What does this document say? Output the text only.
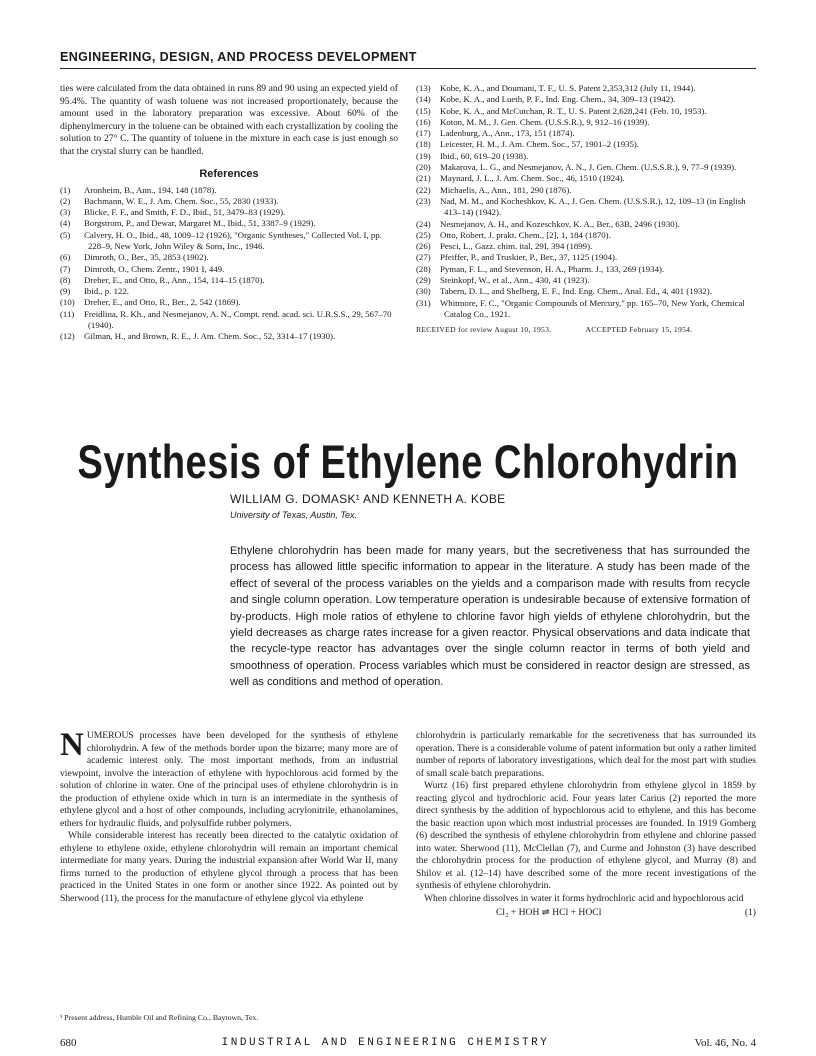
ENGINEERING, DESIGN, AND PROCESS DEVELOPMENT

ties were calculated from the data obtained in runs 89 and 90 using an expected yield of 95.4%. The quantity of wash toluene was not increased proportionately, because the amount used in the laboratory preparation was excessive. About 60% of the diphenylmercury in the toluene can be obtained with each crystallization by cooling the solution to 27° C. The quantity of toluene in the mixture in each case is just enough so that the crystal slurry can be handled.

References
(1) Aronheim, B., Ann., 194, 148 (1878).
(2) Bachmann, W. E., J. Am. Chem. Soc., 55, 2830 (1933).
(3) Blicke, F. F., and Smith, F. D., Ibid., 51, 3479–83 (1929).
(4) Borgstrom, P., and Dewar, Margaret M., Ibid., 51, 3387–9 (1929).
(5) Calvery, H. O., Ibid., 48, 1009–12 (1926), "Organic Syntheses," Collected Vol. I, pp. 228–9, New York, John Wiley & Sons, Inc., 1946.
(6) Dimroth, O., Ber., 35, 2853 (1902).
(7) Dimroth, O., Chem. Zentr., 1901 I, 449.
(8) Dreher, E., and Otto, R., Ann., 154, 114–15 (1870).
(9) Ibid., p. 122.
(10) Dreher, E., and Otto, R., Ber., 2, 542 (1869).
(11) Freidlina, R. Kh., and Nesmejanov, A. N., Compt. rend. acad. sci. U.R.S.S., 29, 567–70 (1940).
(12) Gilman, H., and Brown, R. E., J. Am. Chem. Soc., 52, 3314–17 (1930).
(13) Kobe, K. A., and Doumani, T. F., U. S. Patent 2,353,312 (July 11, 1944).
(14) Kobe, K. A., and Lueth, P. F., Ind. Eng. Chem., 34, 309–13 (1942).
(15) Kobe, K. A., and McCutchan, R. T., U. S. Patent 2,628,241 (Feb. 10, 1953).
(16) Koton, M. M., J. Gen. Chem. (U.S.S.R.), 9, 912–16 (1939).
(17) Ladenburg, A., Ann., 173, 151 (1874).
(18) Leicester, H. M., J. Am. Chem. Soc., 57, 1901–2 (1935).
(19) Ibid., 60, 619–20 (1938).
(20) Makarova, L. G., and Nesmejanov, A. N., J. Gen. Chem. (U.S.S.R.), 9, 77–9 (1939).
(21) Maynard, J. L., J. Am. Chem. Soc., 46, 1510 (1924).
(22) Michaelis, A., Ann., 181, 290 (1876).
(23) Nad, M. M., and Kocheshkov, K. A., J. Gen. Chem. (U.S.S.R.), 12, 109–13 (in English 413–14) (1942).
(24) Nesmejanov, A. H., and Kozeschkov, K. A., Ber., 63B, 2496 (1930).
(25) Otto, Robert, J. prakt. Chem., [2], 1, 184 (1870).
(26) Pesci, L., Gazz. chim. ital, 29I, 394 (1899).
(27) Pfeiffer, P., and Truskier, P., Ber., 37, 1125 (1904).
(28) Pyman, F. L., and Stevenson, H. A., Pharm. J., 133, 269 (1934).
(29) Steinkopf, W., et al., Ann., 430, 41 (1923).
(30) Tabern, D. L., and Shelberg, E. F., Ind. Eng. Chem., Anal. Ed., 4, 401 (1932).
(31) Whitmore, F. C., "Organic Compounds of Mercury," pp. 165–70, New York, Chemical Catalog Co., 1921.
RECEIVED for review August 10, 1953.	ACCEPTED February 15, 1954.
Synthesis of Ethylene Chlorohydrin
WILLIAM G. DOMASK¹ AND KENNETH A. KOBE
University of Texas, Austin, Tex.
Ethylene chlorohydrin has been made for many years, but the secretiveness that has surrounded the process has allowed little specific information to appear in the literature. A study has been made of the effect of several of the process variables on the yields and a comparison made with results from recycle and single column operation. Low temperature operation is undesirable because of extensive formation of by-products. High mole ratios of ethylene to chlorine favor high yields of ethylene chlorohydrin, but the yield decreases as charge rates increase for a given reactor. Physical observations and data indicate that the recycle-type reactor has advantages over the single column reactor in terms of both yield and smoothness of operation. Process variables which must be considered in reactor design are stressed, as well as conditions and method of operation.

NUMEROUS processes have been developed for the synthesis of ethylene chlorohydrin. A few of the methods border upon the bizarre; many more are of academic interest only. The most important methods, from an industrial viewpoint, involve the interaction of ethylene with hypochlorous acid formed by the solution of chlorine in water. One of the principal uses of ethylene chlorohydrin is in the production of ethylene oxide which in turn is an intermediate in the synthesis of ethylene glycol and a host of other compounds, including acrylonitrile, ethanolamines, ethers for hydraulic fluids, and polysulfide rubber polymers.

While considerable interest has recently been directed to the catalytic oxidation of ethylene to ethylene oxide, ethylene chlorohydrin will remain an important chemical intermediate for many years. During the industrial expansion after World War II, many firms turned to the production of ethylene glycol through a process that has been practiced in the United States in one form or another since 1922. As pointed out by Sherwood (11), the process for the manufacture of ethylene glycol via ethylene

chlorohydrin is particularly remarkable for the secretiveness that has surrounded its operation. There is a considerable volume of patent information but only a rather limited number of reports of laboratory investigations, which deal for the most part with studies of small scale batch preparations.

Wurtz (16) first prepared ethylene chlorohydrin from ethylene glycol in 1859 by reacting glycol and hydrochloric acid. Four years later Carius (2) reported the more direct synthesis by the addition of hypochlorous acid to ethylene, and this has become the basic reaction upon which most industrial processes are founded. In 1919 Gomberg (6) described the synthesis of ethylene chlorohydrin from ethylene and chlorine passed into water. Sherwood (11), McClellan (7), and Curme and Johnston (3) have described the chlorohydrin process for the production of ethylene glycol, and Murray (8) and Shilov et al. (12–14) have described some of the more recent investigations of the synthesis of ethylene chlorohydrin.

When chlorine dissolves in water it forms hydrochloric acid and hypochlorous acid

Cl₂ + HOH ⇌ HCl + HOCl	(1)
¹ Present address, Humble Oil and Refining Co., Baytown, Tex.
680	INDUSTRIAL AND ENGINEERING CHEMISTRY	Vol. 46, No. 4
